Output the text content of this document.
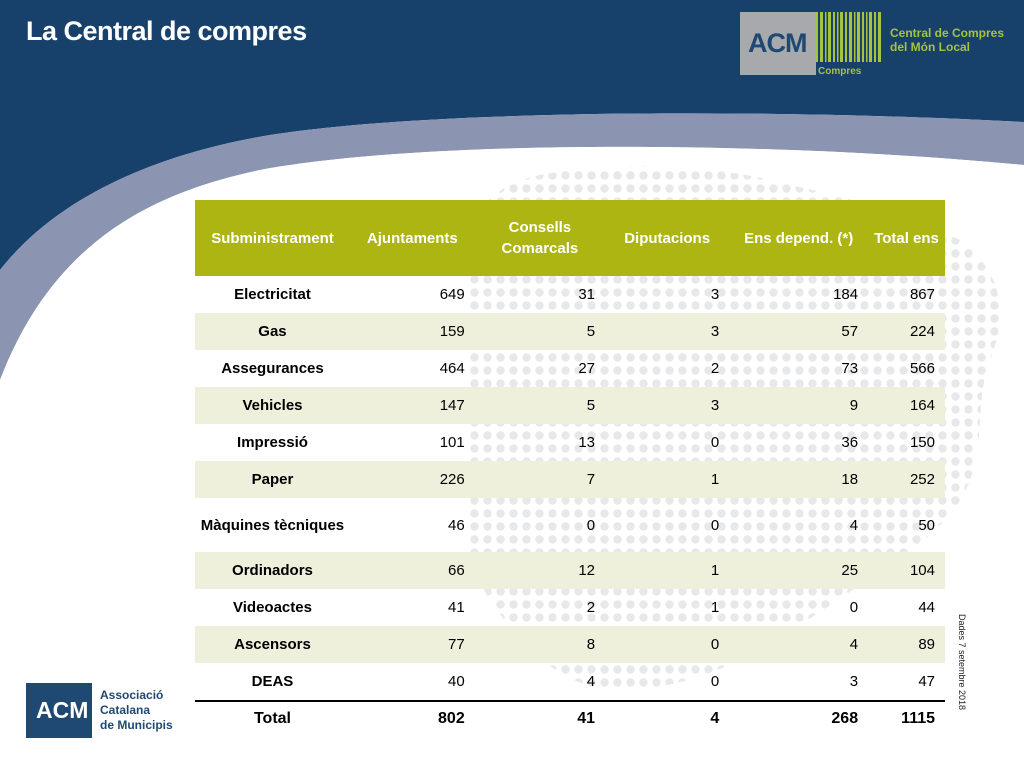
La Central de compres	ACM
Compres
Central de Compres
del Món Local
Subministrament	Ajuntaments	Consells Comarcals	Diputacions	Ens depend. (*)	Total ens
Electricitat	649	31	3	184	867
Gas	159	5	3	57	224
Assegurances	464	27	2	73	566
Vehicles	147	5	3	9	164
Impressió	101	13	0	36	150
Paper	226	7	1	18	252
Màquines tècniques	46	0	0	4	50
Ordinadors	66	12	1	25	104
Videoactes	41	2	1	0	44
Ascensors	77	8	0	4	89
DEAS	40	4	0	3	47
Total	802	41	4	268	1115
Dades 7 setembre 2018
ACM
Associació
Catalana
de Municipis
